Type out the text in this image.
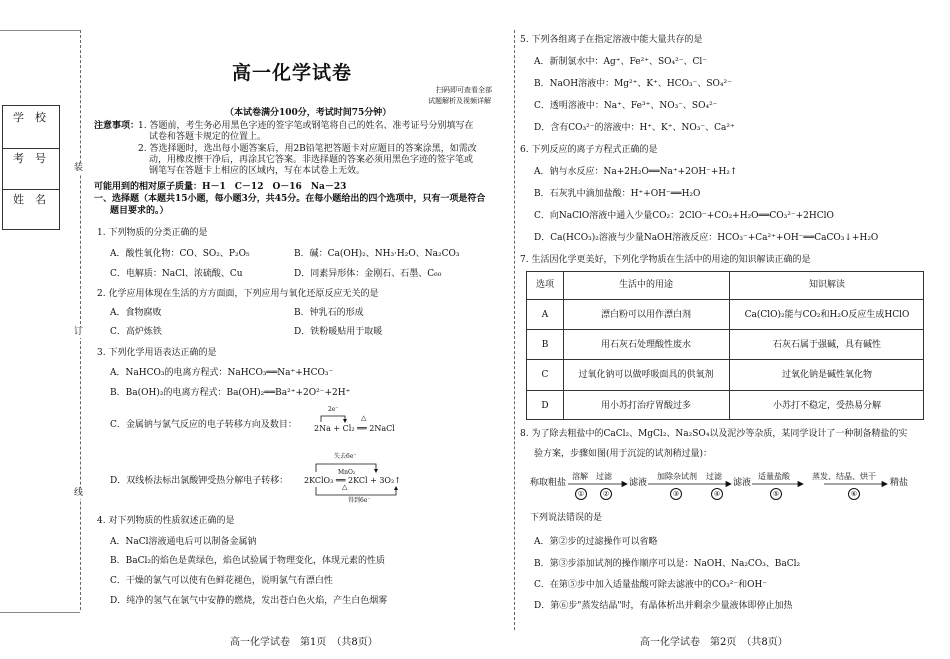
学　校
考　号
姓　名
装
订
线
高一化学试卷
扫码即可查看全部
试题解析及视频详解
（本试卷满分100分，考试时间75分钟）
注意事项：
1. 答题前，考生务必用黑色字迹的签字笔或钢笔将自己的姓名、准考证号分别填写在
试卷和答题卡规定的位置上。
2. 答选择题时，选出每小题答案后，用2B铅笔把答题卡对应题目的答案涂黑，如需改
动，用橡皮擦干净后，再涂其它答案。非选择题的答案必须用黑色字迹的签字笔或
钢笔写在答题卡上相应的区域内，写在本试卷上无效。
可能用到的相对原子质量：H－1　C－12　O－16　Na－23
一、选择题（本题共15小题，每小题3分，共45分。在每小题给出的四个选项中，只有一项是符合
题目要求的。）
1. 下列物质的分类正确的是
A．酸性氧化物：CO、SO₂、P₂O₅	B．碱：Ca(OH)₂、NH₃·H₂O、Na₂CO₃
C．电解质：NaCl、浓硫酸、Cu	D．同素异形体：金刚石、石墨、C₆₀
2. 化学应用体现在生活的方方面面，下列应用与氧化还原反应无关的是
A．食物腐败	B．钟乳石的形成
C．高炉炼铁	D．铁粉暖贴用于取暖
3. 下列化学用语表达正确的是
A．NaHCO₃的电离方程式：NaHCO₃══Na⁺+HCO₃⁻
B．Ba(OH)₂的电离方程式：Ba(OH)₂══Ba²⁺+2O²⁻+2H⁺
C．金属钠与氯气反应的电子转移方向及数目：
2e⁻
△
2Na + Cl₂ ══ 2NaCl
D．双线桥法标出氯酸钾受热分解电子转移：
失去6e⁻
MnO₂
2KClO₃ ══ 2KCl + 3O₂↑
△
得到6e⁻
4. 对下列物质的性质叙述正确的是
A．NaCl溶液通电后可以制备金属钠
B．BaCl₂的焰色是黄绿色，焰色试验属于物理变化，体现元素的性质
C．干燥的氯气可以使有色鲜花褪色，说明氯气有漂白性
D．纯净的氢气在氯气中安静的燃烧，发出苍白色火焰，产生白色烟雾
高一化学试卷　第1页　（共8页）
5. 下列各组离子在指定溶液中能大量共存的是
A．新制氯水中：Ag⁺、Fe²⁺、SO₄²⁻、Cl⁻
B．NaOH溶液中：Mg²⁺、K⁺、HCO₃⁻、SO₄²⁻
C．透明溶液中：Na⁺、Fe³⁺、NO₃⁻、SO₄²⁻
D．含有CO₃²⁻的溶液中：H⁺、K⁺、NO₃⁻、Ca²⁺
6. 下列反应的离子方程式正确的是
A．钠与水反应：Na+2H₂O══Na⁺+2OH⁻+H₂↑
B．石灰乳中滴加盐酸：H⁺+OH⁻══H₂O
C．向NaClO溶液中通入少量CO₂：2ClO⁻+CO₂+H₂O══CO₃²⁻+2HClO
D．Ca(HCO₃)₂溶液与少量NaOH溶液反应：HCO₃⁻+Ca²⁺+OH⁻══CaCO₃↓+H₂O
7. 生活因化学更美好，下列化学物质在生活中的用途的知识解读正确的是
选项	生活中的用途	知识解读
A	漂白粉可以用作漂白剂	Ca(ClO)₂能与CO₂和H₂O反应生成HClO
B	用石灰石处理酸性废水	石灰石属于强碱，具有碱性
C	过氧化钠可以做呼吸面具的供氧剂	过氧化钠是碱性氧化物
D	用小苏打治疗胃酸过多	小苏打不稳定，受热易分解
8. 为了除去粗盐中的CaCl₂、MgCl₂、Na₂SO₄以及泥沙等杂质，某同学设计了一种制备精盐的实
验方案，步骤如图(用于沉淀的试剂稍过量)：
称取粗盐
溶解 过滤
①	②
滤液
加除杂试剂 过滤
③	④
滤液
适量盐酸
⑤
蒸发、结晶、烘干
⑥
精盐
下列说法错误的是
A．第②步的过滤操作可以省略
B．第③步添加试剂的操作顺序可以是：NaOH、Na₂CO₃、BaCl₂
C．在第⑤步中加入适量盐酸可除去滤液中的CO₃²⁻和OH⁻
D．第⑥步"蒸发结晶"时，有晶体析出并剩余少量液体即停止加热
高一化学试卷　第2页　（共8页）
